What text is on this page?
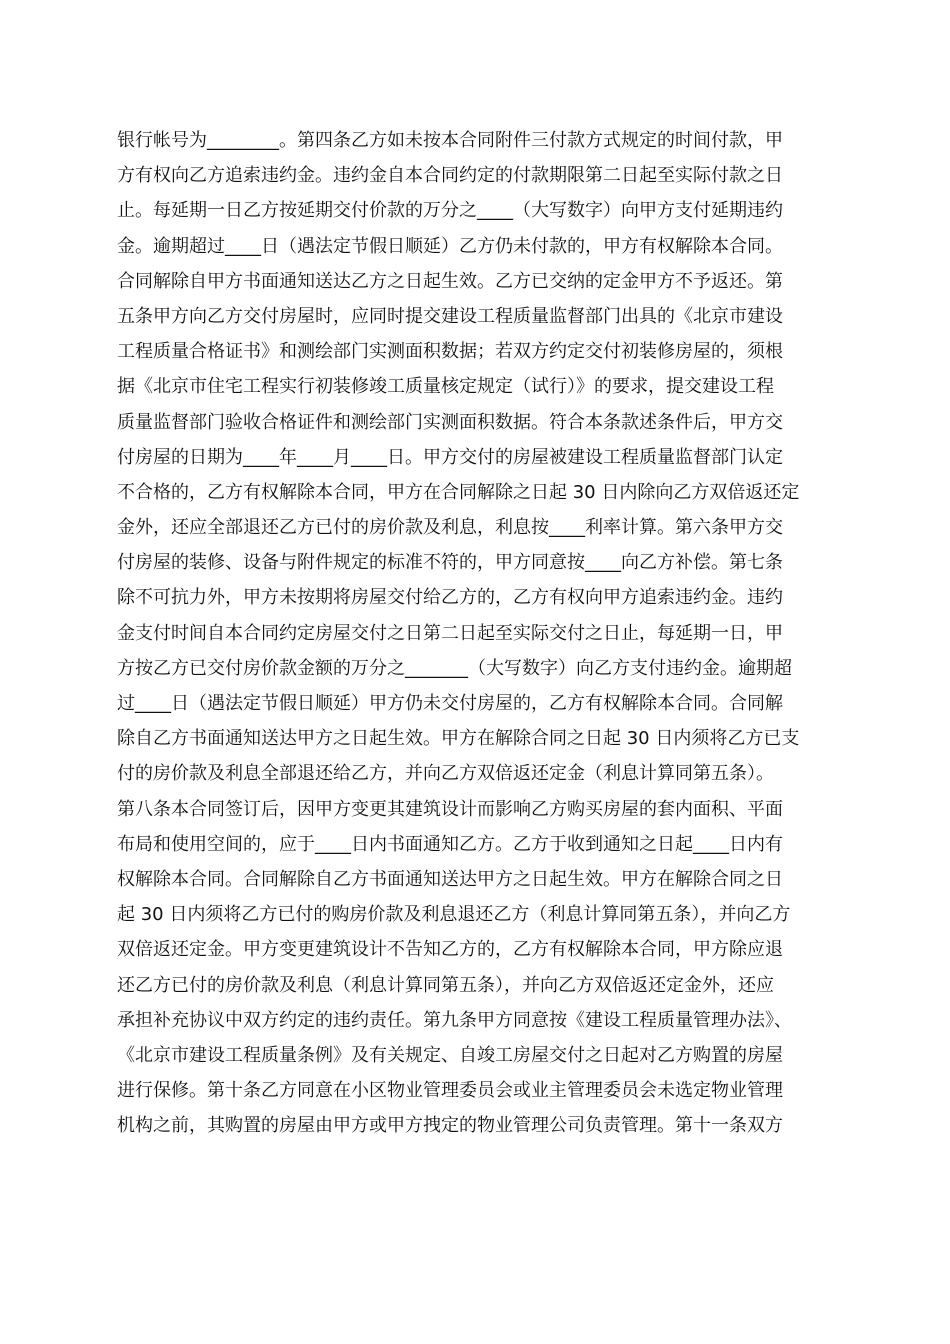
银行帐号为________。第四条乙方如未按本合同附件三付款方式规定的时间付款，甲
方有权向乙方追索违约金。违约金自本合同约定的付款期限第二日起至实际付款之日
止。每延期一日乙方按延期交付价款的万分之____（大写数字）向甲方支付延期违约
金。逾期超过____日（遇法定节假日顺延）乙方仍未付款的，甲方有权解除本合同。
合同解除自甲方书面通知送达乙方之日起生效。乙方已交纳的定金甲方不予返还。第
五条甲方向乙方交付房屋时，应同时提交建设工程质量监督部门出具的《北京市建设
工程质量合格证书》和测绘部门实测面积数据；若双方约定交付初装修房屋的，须根
据《北京市住宅工程实行初装修竣工质量核定规定（试行）》的要求，提交建设工程
质量监督部门验收合格证件和测绘部门实测面积数据。符合本条款述条件后，甲方交
付房屋的日期为____年____月____日。甲方交付的房屋被建设工程质量监督部门认定
不合格的，乙方有权解除本合同，甲方在合同解除之日起 30 日内除向乙方双倍返还定
金外，还应全部退还乙方已付的房价款及利息，利息按____利率计算。第六条甲方交
付房屋的装修、设备与附件规定的标准不符的，甲方同意按____向乙方补偿。第七条
除不可抗力外，甲方未按期将房屋交付给乙方的，乙方有权向甲方追索违约金。违约
金支付时间自本合同约定房屋交付之日第二日起至实际交付之日止，每延期一日，甲
方按乙方已交付房价款金额的万分之_______（大写数字）向乙方支付违约金。逾期超
过____日（遇法定节假日顺延）甲方仍未交付房屋的，乙方有权解除本合同。合同解
除自乙方书面通知送达甲方之日起生效。甲方在解除合同之日起 30 日内须将乙方已支
付的房价款及利息全部退还给乙方，并向乙方双倍返还定金（利息计算同第五条）。
第八条本合同签订后，因甲方变更其建筑设计而影响乙方购买房屋的套内面积、平面
布局和使用空间的，应于____日内书面通知乙方。乙方于收到通知之日起____日内有
权解除本合同。合同解除自乙方书面通知送达甲方之日起生效。甲方在解除合同之日
起 30 日内须将乙方已付的购房价款及利息退还乙方（利息计算同第五条），并向乙方
双倍返还定金。甲方变更建筑设计不告知乙方的，乙方有权解除本合同，甲方除应退
还乙方已付的房价款及利息（利息计算同第五条），并向乙方双倍返还定金外，还应
承担补充协议中双方约定的违约责任。第九条甲方同意按《建设工程质量管理办法》、
《北京市建设工程质量条例》及有关规定、自竣工房屋交付之日起对乙方购置的房屋
进行保修。第十条乙方同意在小区物业管理委员会或业主管理委员会未选定物业管理
机构之前，其购置的房屋由甲方或甲方拽定的物业管理公司负责管理。第十一条双方
